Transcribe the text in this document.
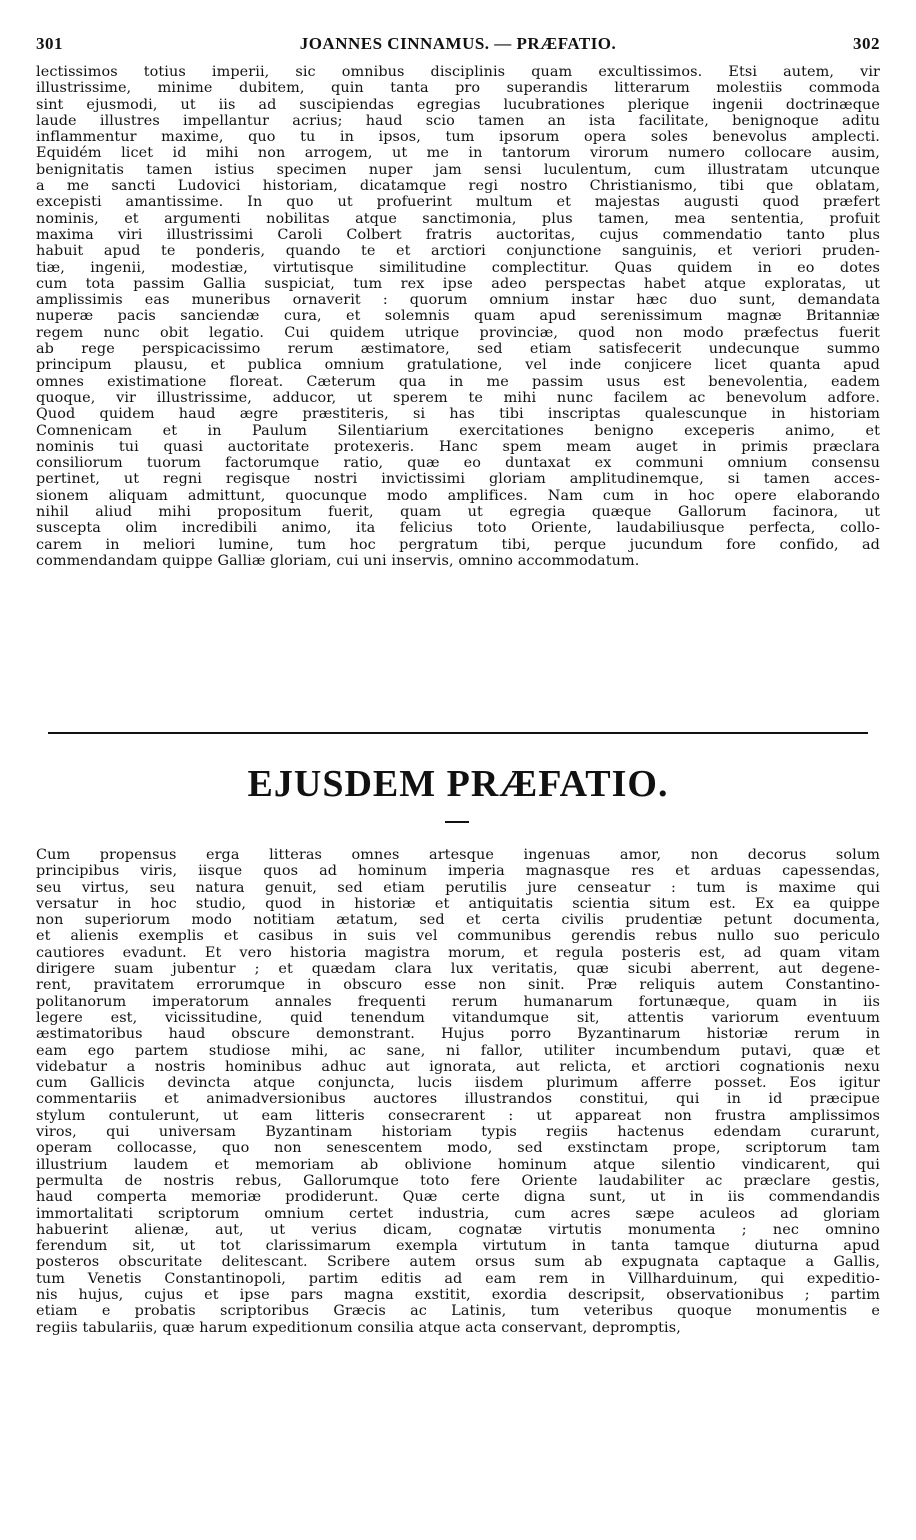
301	JOANNES CINNAMUS. — PRÆFATIO.	302
lectissimos totius imperii, sic omnibus disciplinis quam excultissimos. Etsi autem, vir
illustrissime, minime dubitem, quin tanta pro superandis litterarum molestiis commoda
sint ejusmodi, ut iis ad suscipiendas egregias lucubrationes plerique ingenii doctrinæque
laude illustres impellantur acrius; haud scio tamen an ista facilitate, benignoque aditu
inflammentur maxime, quo tu in ipsos, tum ipsorum opera soles benevolus amplecti.
Equidém licet id mihi non arrogem, ut me in tantorum virorum numero collocare ausim,
benignitatis tamen istius specimen nuper jam sensi luculentum, cum illustratam utcunque
a me sancti Ludovici historiam, dicatamque regi nostro Christianismo, tibi que oblatam,
excepisti amantissime. In quo ut profuerint multum et majestas augusti quod præfert
nominis, et argumenti nobilitas atque sanctimonia, plus tamen, mea sententia, profuit
maxima viri illustrissimi Caroli Colbert fratris auctoritas, cujus commendatio tanto plus
habuit apud te ponderis, quando te et arctiori conjunctione sanguinis, et veriori pruden-
tiæ, ingenii, modestiæ, virtutisque similitudine complectitur. Quas quidem in eo dotes
cum tota passim Gallia suspiciat, tum rex ipse adeo perspectas habet atque exploratas, ut
amplissimis eas muneribus ornaverit : quorum omnium instar hæc duo sunt, demandata
nuperæ pacis sanciendæ cura, et solemnis quam apud serenissimum magnæ Britanniæ
regem nunc obit legatio. Cui quidem utrique provinciæ, quod non modo præfectus fuerit
ab rege perspicacissimo rerum æstimatore, sed etiam satisfecerit undecunque summo
principum plausu, et publica omnium gratulatione, vel inde conjicere licet quanta apud
omnes existimatione floreat. Cæterum qua in me passim usus est benevolentia, eadem
quoque, vir illustrissime, adducor, ut sperem te mihi nunc facilem ac benevolum adfore.
Quod quidem haud ægre præstiteris, si has tibi inscriptas qualescunque in historiam
Comnenicam et in Paulum Silentiarium exercitationes benigno exceperis animo, et
nominis tui quasi auctoritate protexeris. Hanc spem meam auget in primis præclara
consiliorum tuorum factorumque ratio, quæ eo duntaxat ex communi omnium consensu
pertinet, ut regni regisque nostri invictissimi gloriam amplitudinemque, si tamen acces-
sionem aliquam admittunt, quocunque modo amplifices. Nam cum in hoc opere elaborando
nihil aliud mihi propositum fuerit, quam ut egregia quæque Gallorum facinora, ut
suscepta olim incredibili animo, ita felicius toto Oriente, laudabiliusque perfecta, collo-
carem in meliori lumine, tum hoc pergratum tibi, perque jucundum fore confido, ad
commendandam quippe Galliæ gloriam, cui uni inservis, omnino accommodatum.
EJUSDEM PRÆFATIO.
Cum propensus erga litteras omnes artesque ingenuas amor, non decorus solum
principibus viris, iisque quos ad hominum imperia magnasque res et arduas capessendas,
seu virtus, seu natura genuit, sed etiam perutilis jure censeatur : tum is maxime qui
versatur in hoc studio, quod in historiæ et antiquitatis scientia situm est. Ex ea quippe
non superiorum modo notitiam ætatum, sed et certa civilis prudentiæ petunt documenta,
et alienis exemplis et casibus in suis vel communibus gerendis rebus nullo suo periculo
cautiores evadunt. Et vero historia magistra morum, et regula posteris est, ad quam vitam
dirigere suam jubentur ; et quædam clara lux veritatis, quæ sicubi aberrent, aut degene-
rent, pravitatem errorumque in obscuro esse non sinit. Præ reliquis autem Constantino-
politanorum imperatorum annales frequenti rerum humanarum fortunæque, quam in iis
legere est, vicissitudine, quid tenendum vitandumque sit, attentis variorum eventuum
æstimatoribus haud obscure demonstrant. Hujus porro Byzantinarum historiæ rerum in
eam ego partem studiose mihi, ac sane, ni fallor, utiliter incumbendum putavi, quæ et
videbatur a nostris hominibus adhuc aut ignorata, aut relicta, et arctiori cognationis nexu
cum Gallicis devincta atque conjuncta, lucis iisdem plurimum afferre posset. Eos igitur
commentariis et animadversionibus auctores illustrandos constitui, qui in id præcipue
stylum contulerunt, ut eam litteris consecrarent : ut appareat non frustra amplissimos
viros, qui universam Byzantinam historiam typis regiis hactenus edendam curarunt,
operam collocasse, quo non senescentem modo, sed exstinctam prope, scriptorum tam
illustrium laudem et memoriam ab oblivione hominum atque silentio vindicarent, qui
permulta de nostris rebus, Gallorumque toto fere Oriente laudabiliter ac præclare gestis,
haud comperta memoriæ prodiderunt. Quæ certe digna sunt, ut in iis commendandis
immortalitati scriptorum omnium certet industria, cum acres sæpe aculeos ad gloriam
habuerint alienæ, aut, ut verius dicam, cognatæ virtutis monumenta ; nec omnino
ferendum sit, ut tot clarissimarum exempla virtutum in tanta tamque diuturna apud
posteros obscuritate delitescant. Scribere autem orsus sum ab expugnata captaque a Gallis,
tum Venetis Constantinopoli, partim editis ad eam rem in Villharduinum, qui expeditio-
nis hujus, cujus et ipse pars magna exstitit, exordia descripsit, observationibus ; partim
etiam e probatis scriptoribus Græcis ac Latinis, tum veteribus quoque monumentis e
regiis tabulariis, quæ harum expeditionum consilia atque acta conservant, depromptis,
